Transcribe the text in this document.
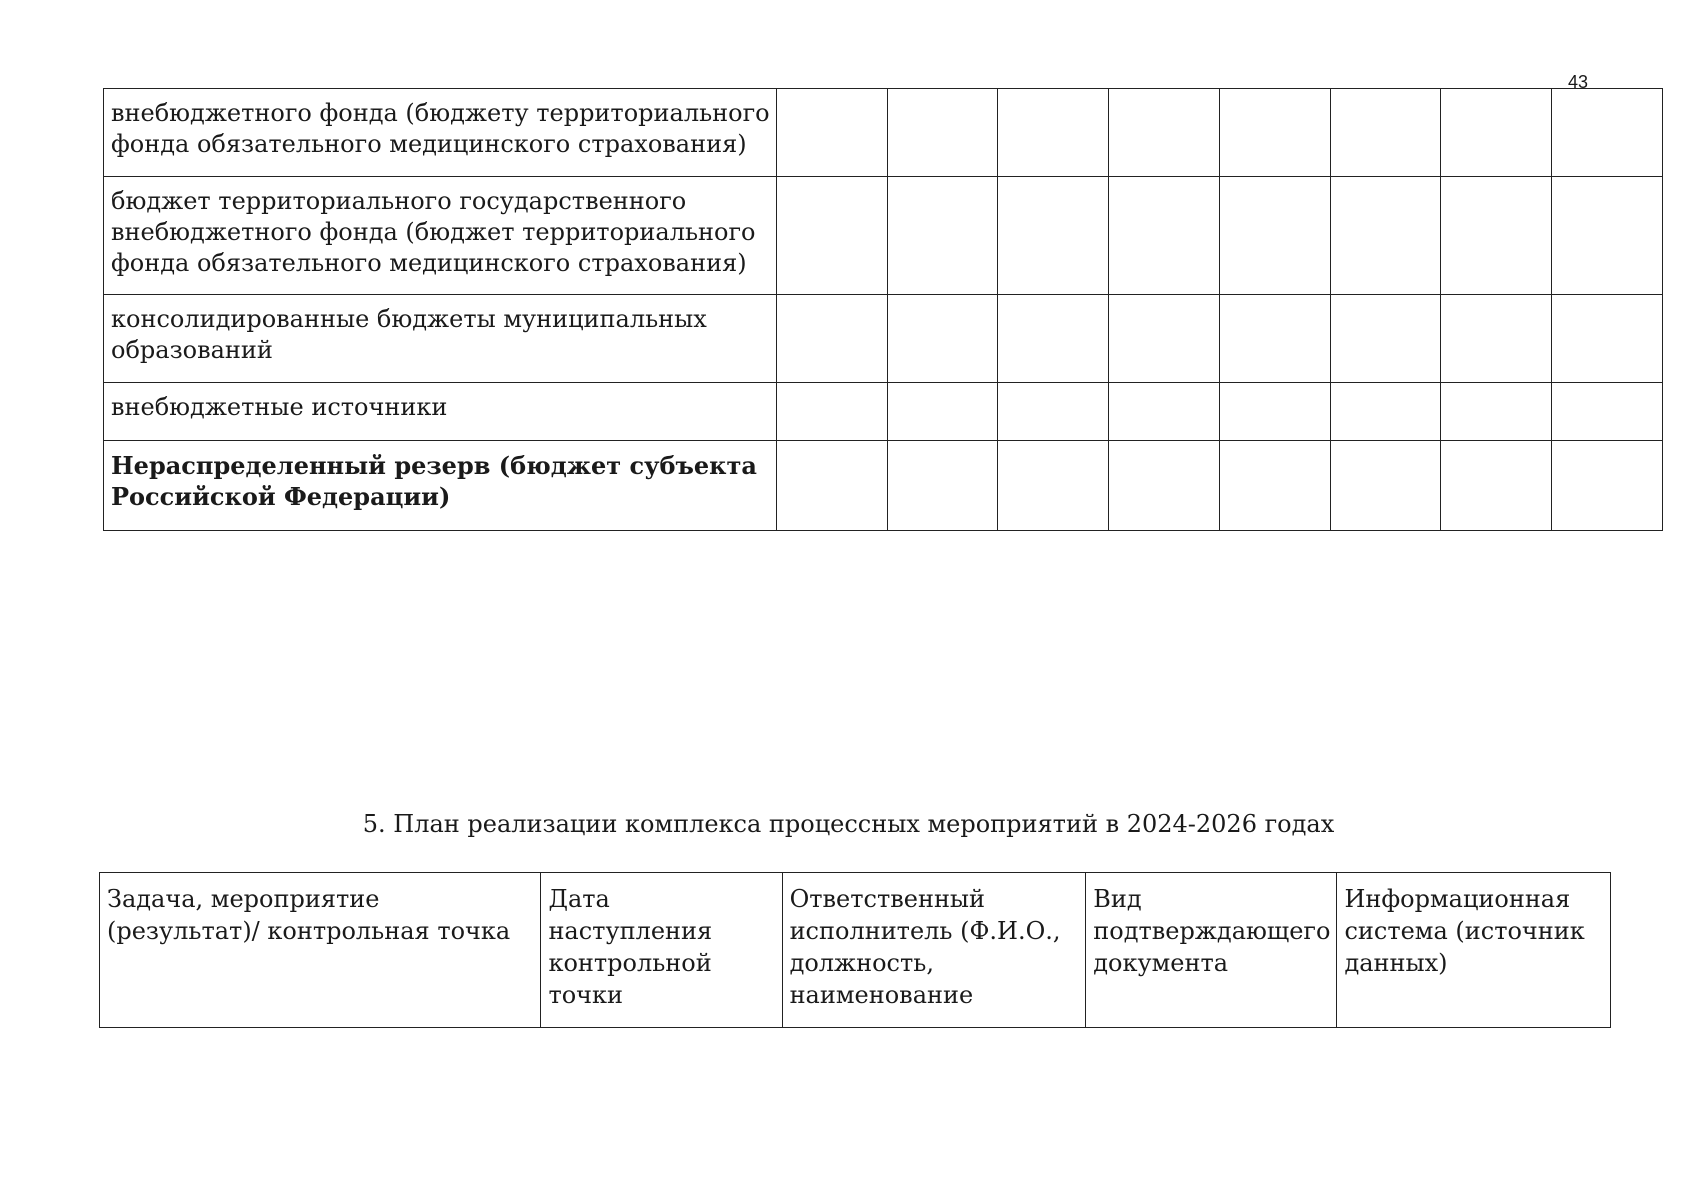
43
внебюджетного фонда (бюджету территориального фонда обязательного медицинского страхования)								
бюджет территориального государственного внебюджетного фонда (бюджет территориального фонда обязательного медицинского страхования)								
консолидированные бюджеты муниципальных образований								
внебюджетные источники								
Нераспределенный резерв (бюджет субъекта Российской Федерации)								
5. План реализации комплекса процессных мероприятий в 2024-2026 годах
Задача, мероприятие (результат)/ контрольная точка	Дата наступления контрольной точки	Ответственный исполнитель (Ф.И.О., должность, наименование	Вид подтверждающего документа	Информационная система (источник данных)
